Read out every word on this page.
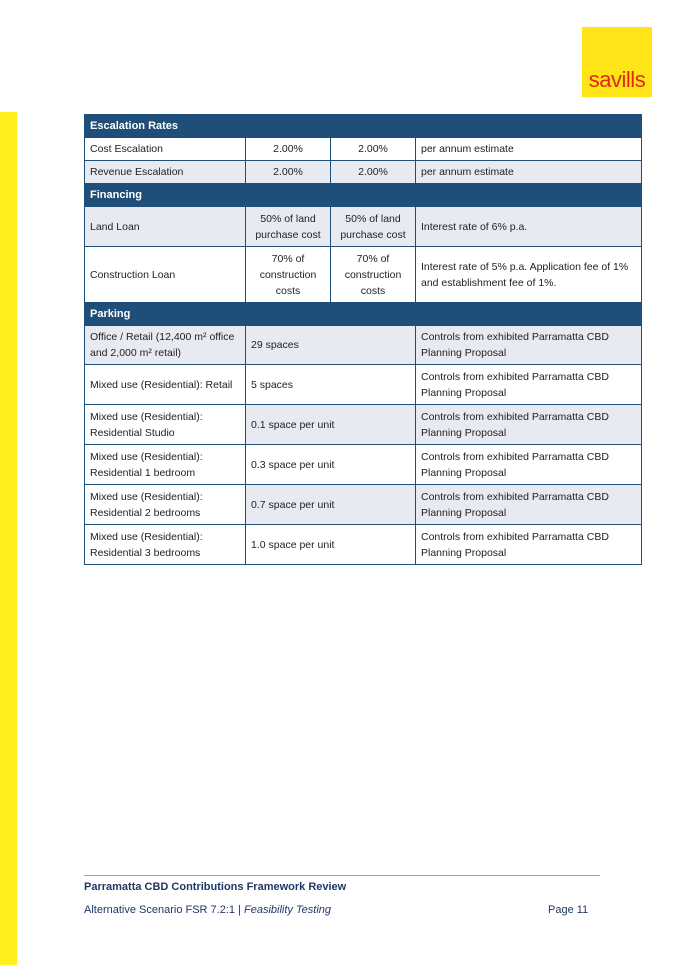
savills
Escalation Rates			
Cost Escalation	2.00%	2.00%	per annum estimate
Revenue Escalation	2.00%	2.00%	per annum estimate
Financing			
Land Loan	50% of land purchase cost	50% of land purchase cost	Interest rate of 6% p.a.
Construction Loan	70% of construction costs	70% of construction costs	Interest rate of 5% p.a. Application fee of 1% and establishment fee of 1%.
Parking			
Office / Retail (12,400 m² office and 2,000 m² retail)	29 spaces		Controls from exhibited Parramatta CBD Planning Proposal
Mixed use (Residential): Retail	5 spaces		Controls from exhibited Parramatta CBD Planning Proposal
Mixed use (Residential): Residential Studio	0.1 space per unit		Controls from exhibited Parramatta CBD Planning Proposal
Mixed use (Residential): Residential 1 bedroom	0.3 space per unit		Controls from exhibited Parramatta CBD Planning Proposal
Mixed use (Residential): Residential 2 bedrooms	0.7 space per unit		Controls from exhibited Parramatta CBD Planning Proposal
Mixed use (Residential): Residential 3 bedrooms	1.0 space per unit		Controls from exhibited Parramatta CBD Planning Proposal
Parramatta CBD Contributions Framework Review
Alternative Scenario FSR 7.2:1 | Feasibility Testing	Page 11
